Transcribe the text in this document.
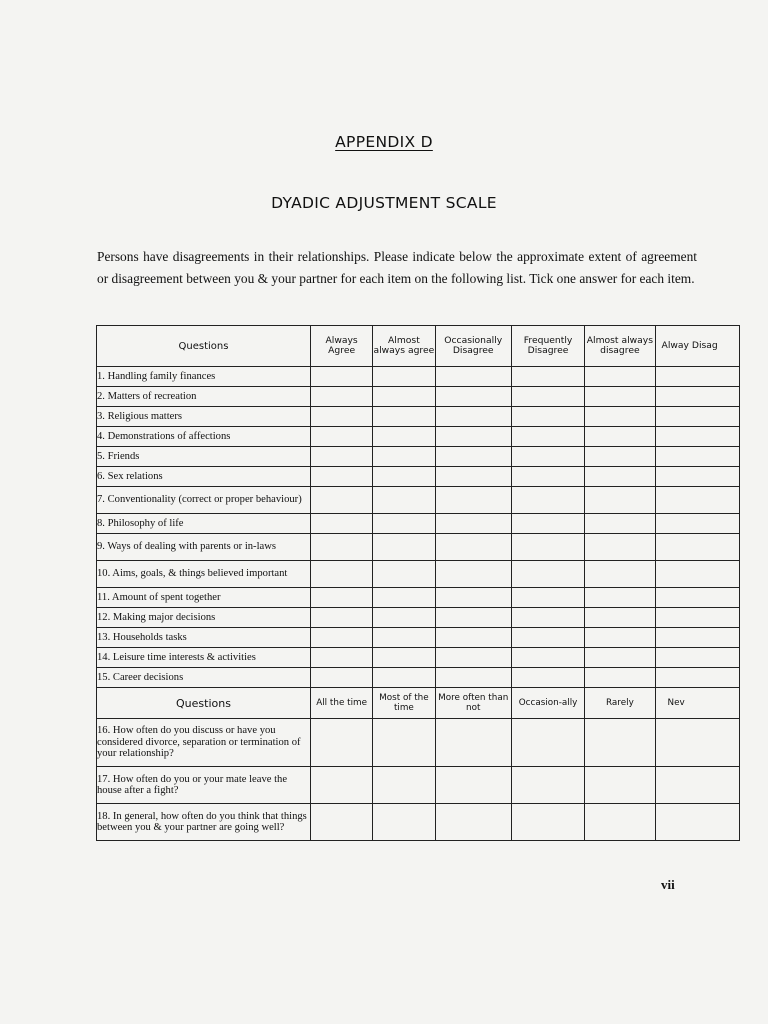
APPENDIX D
DYADIC ADJUSTMENT SCALE

Persons have disagreements in their relationships. Please indicate below the approximate extent of agreement or disagreement between you & your partner for each item on the following list. Tick one answer for each item.

Questions	Always Agree	Almost always agree	Occasionally Disagree	Frequently Disagree	Almost always disagree	Alway Disag
1. Handling family finances						
2. Matters of recreation						
3. Religious matters						
4. Demonstrations of affections						
5. Friends						
6. Sex relations						
7. Conventionality (correct or proper behaviour)						
8. Philosophy of life						
9. Ways of dealing with parents or in-laws						
10. Aims, goals, & things believed important						
11. Amount of spent together						
12. Making major decisions						
13. Households tasks						
14. Leisure time interests & activities						
15. Career decisions						
Questions	All the time	Most of the time	More often than not	Occasion-ally	Rarely	Nev
16. How often do you discuss or have you considered divorce, separation or termination of your relationship?						
17. How often do you or your mate leave the house after a fight?						
18. In general, how often do you think that things between you & your partner are going well?						
vii
